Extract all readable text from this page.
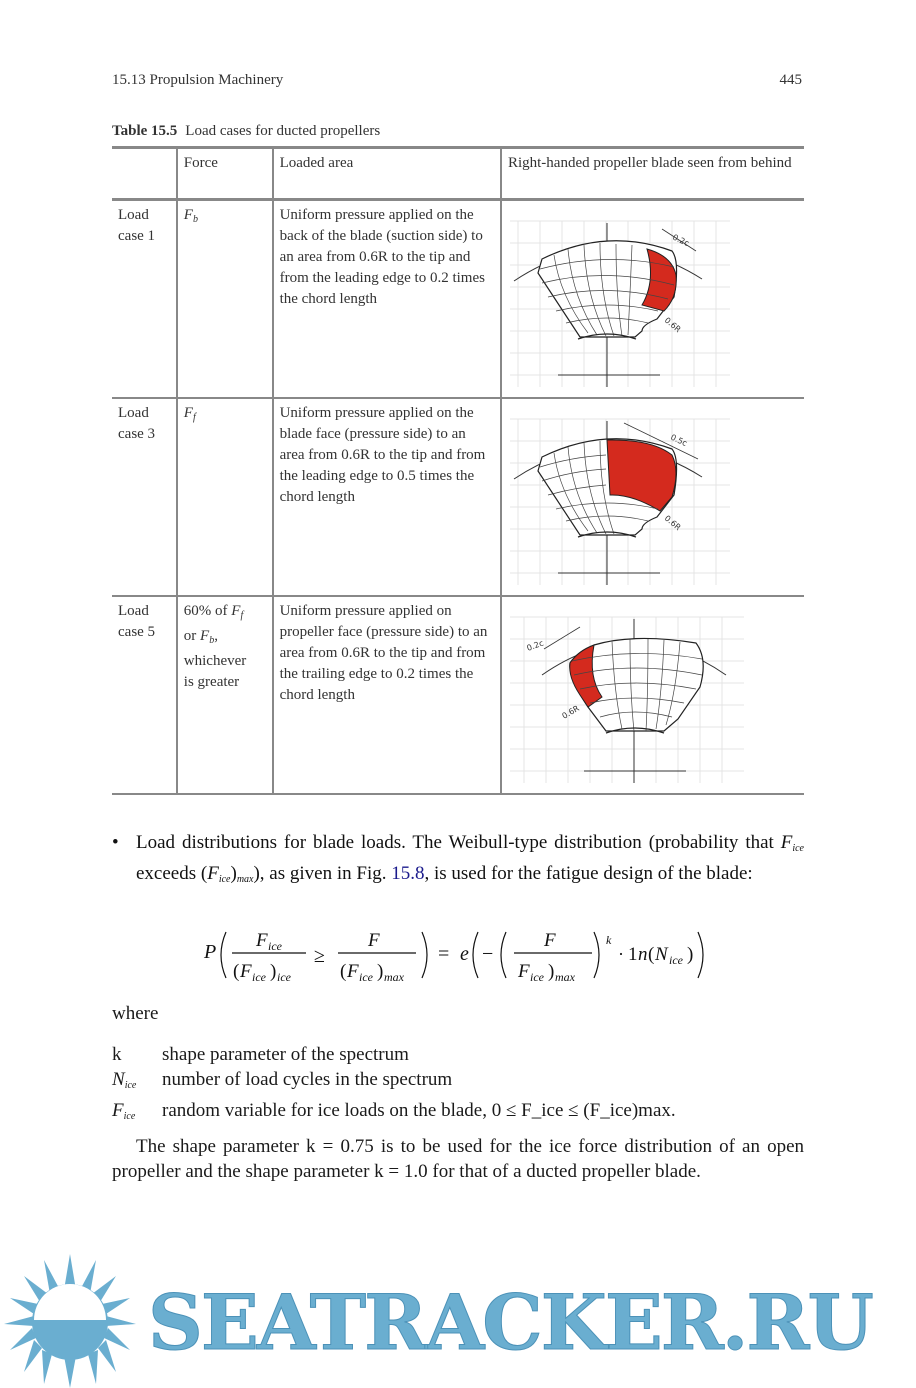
15.13 Propulsion Machinery	445
Table 15.5 Load cases for ducted propellers
	Force	Loaded area	Right-handed propeller blade seen from behind
Load case 1	$F_b$	Uniform pressure applied on the back of the blade (suction side) to an area from 0.6R to the tip and from the leading edge to 0.2 times the chord length	0.2c
0.6R

Load case 3	$F_f$	Uniform pressure applied on the blade face (pressure side) to an area from 0.6R to the tip and from the leading edge to 0.5 times the chord length	0.5c
0.6R

Load case 5	60% of $F_f$
or $F_b$,
whichever
is greater	Uniform pressure applied on propeller face (pressure side) to an area from 0.6R to the tip and from the trailing edge to 0.2 times the chord length	0.2c
0.6R
• Load distributions for blade loads. The Weibull-type distribution (probability that $F_{ice}$ exceeds $(F_{ice})_{max}$), as given in Fig. 15.8, is used for the fatigue design of the blade:
P
F ice
( F ice ) ice
≥
F
( F ice ) max
= e −
F
F ice ) max
k
· 1 n ( N ice )
where
k	shape parameter of the spectrum
$N_{ice}$	number of load cycles in the spectrum
$F_{ice}$	random variable for ice loads on the blade, 0 ≤ F_ice ≤ (F_ice)max.
The shape parameter k = 0.75 is to be used for the ice force distribution of an open propeller and the shape parameter k = 1.0 for that of a ducted propeller blade.
SEATRACKER.RU
